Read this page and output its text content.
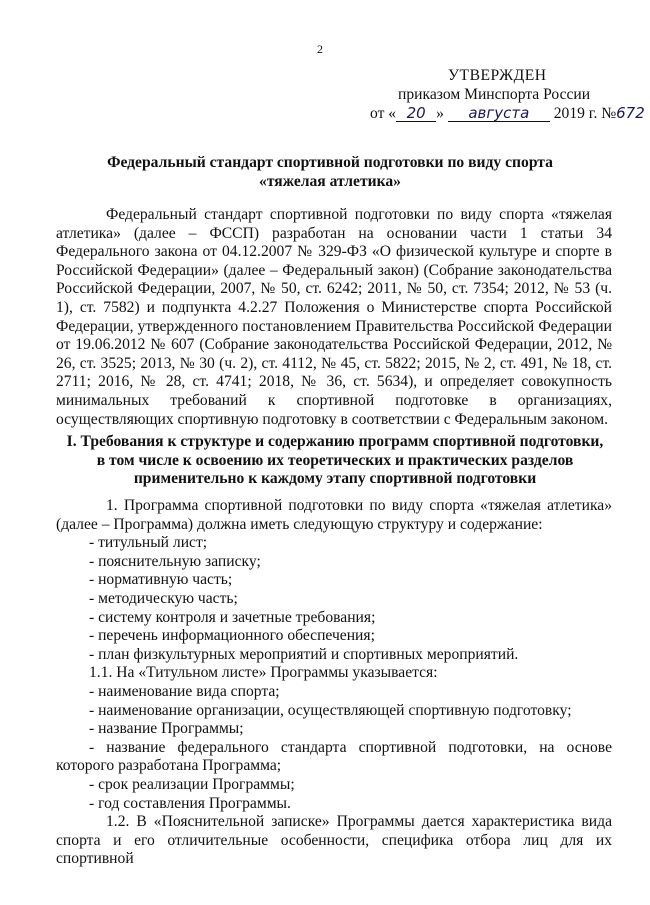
2
УТВЕРЖДЕН
приказом Минспорта России
от « 20 » августа 2019 г. №672
Федеральный стандарт спортивной подготовки по виду спорта
«тяжелая атлетика»

Федеральный стандарт спортивной подготовки по виду спорта «тяжелая атлетика» (далее – ФССП) разработан на основании части 1 статьи 34 Федерального закона от 04.12.2007 № 329-ФЗ «О физической культуре и спорте в Российской Федерации» (далее – Федеральный закон) (Собрание законодательства Российской Федерации, 2007, № 50, ст. 6242; 2011, № 50, ст. 7354; 2012, № 53 (ч. 1), ст. 7582) и подпункта 4.2.27 Положения о Министерстве спорта Российской Федерации, утвержденного постановлением Правительства Российской Федерации от 19.06.2012 № 607 (Собрание законодательства Российской Федерации, 2012, № 26, ст. 3525; 2013, № 30 (ч. 2), ст. 4112, № 45, ст. 5822; 2015, № 2, ст. 491, № 18, ст. 2711; 2016, № 28, ст. 4741; 2018, № 36, ст. 5634), и определяет совокупность минимальных требований к спортивной подготовке в организациях, осуществляющих спортивную подготовку в соответствии с Федеральным законом.

I. Требования к структуре и содержанию программ спортивной подготовки,
в том числе к освоению их теоретических и практических разделов
применительно к каждому этапу спортивной подготовки

1. Программа спортивной подготовки по виду спорта «тяжелая атлетика» (далее – Программа) должна иметь следующую структуру и содержание:

- титульный лист;

- пояснительную записку;

- нормативную часть;

- методическую часть;

- систему контроля и зачетные требования;

- перечень информационного обеспечения;

- план физкультурных мероприятий и спортивных мероприятий.

1.1. На «Титульном листе» Программы указывается:

- наименование вида спорта;

- наименование организации, осуществляющей спортивную подготовку;

- название Программы;

- название федерального стандарта спортивной подготовки, на основе которого разработана Программа;

- срок реализации Программы;

- год составления Программы.

1.2. В «Пояснительной записке» Программы дается характеристика вида спорта и его отличительные особенности, специфика отбора лиц для их спортивной
